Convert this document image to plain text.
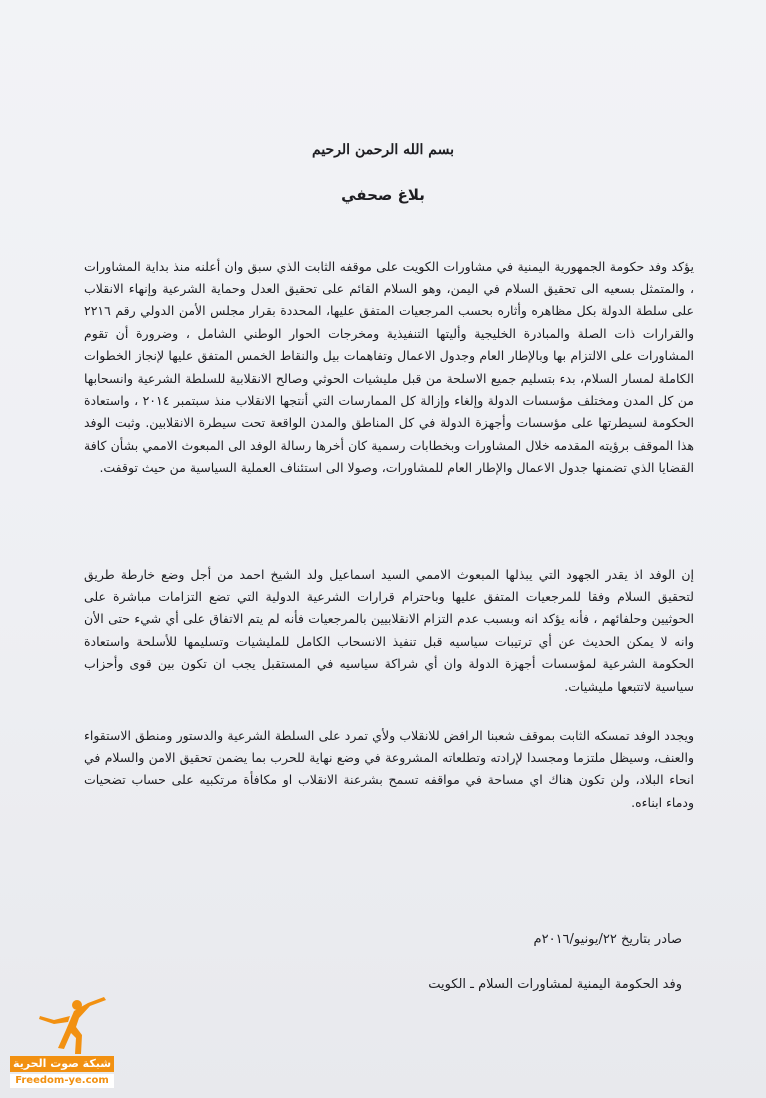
بسم الله الرحمن الرحيم
بلاغ صحفي

يؤكد وفد حكومة الجمهورية اليمنية في مشاورات الكويت على موقفه الثابت الذي سبق وان أعلنه منذ بداية المشاورات ، والمتمثل بسعيه الى تحقيق السلام في اليمن، وهو السلام القائم على تحقيق العدل وحماية الشرعية وإنهاء الانقلاب على سلطة الدولة بكل مظاهره وأثاره بحسب المرجعيات المتفق عليها، المحددة بقرار مجلس الأمن الدولي رقم ٢٢١٦ والقرارات ذات الصلة والمبادرة الخليجية وأليتها التنفيذية ومخرجات الحوار الوطني الشامل ، وضرورة أن تقوم المشاورات على الالتزام بها وبالإطار العام وجدول الاعمال وتفاهمات بيل والنقاط الخمس المتفق عليها لإنجاز الخطوات الكاملة لمسار السلام، بدء بتسليم جميع الاسلحة من قبل مليشيات الحوثي وصالح الانقلابية للسلطة الشرعية وانسحابها من كل المدن ومختلف مؤسسات الدولة وإلغاء وإزالة كل الممارسات التي أنتجها الانقلاب منذ سبتمبر ٢٠١٤ ، واستعادة الحكومة لسيطرتها على مؤسسات وأجهزة الدولة في كل المناطق والمدن الواقعة تحت سيطرة الانقلابين. وثبت الوفد هذا الموقف برؤيته المقدمه خلال المشاورات وبخطابات رسمية كان أخرها رسالة الوفد الى المبعوث الاممي بشأن كافة القضايا الذي تضمنها جدول الاعمال والإطار العام للمشاورات، وصولا الى استئناف العملية السياسية من حيث توقفت.

إن الوفد اذ يقدر الجهود التي يبذلها المبعوث الاممي السيد اسماعيل ولد الشيخ احمد من أجل وضع خارطة طريق لتحقيق السلام وفقا للمرجعيات المتفق عليها وباحترام قرارات الشرعية الدولية التي تضع التزامات مباشرة على الحوثيين وحلفائهم ، فأنه يؤكد انه وبسبب عدم التزام الانقلابيين بالمرجعيات فأنه لم يتم الاتفاق على أي شيء حتى الأن وانه لا يمكن الحديث عن أي ترتيبات سياسيه قبل تنفيذ الانسحاب الكامل للمليشيات وتسليمها للأسلحة واستعادة الحكومة الشرعية لمؤسسات أجهزة الدولة وان أي شراكة سياسيه في المستقبل يجب ان تكون بين قوى وأحزاب سياسية لاتتبعها مليشيات.

ويجدد الوفد تمسكه الثابت بموقف شعبنا الرافض للانقلاب ولأي تمرد على السلطة الشرعية والدستور ومنطق الاستقواء والعنف، وسيظل ملتزما ومجسدا لإرادته وتطلعاته المشروعة في وضع نهاية للحرب بما يضمن تحقيق الامن والسلام في انحاء البلاد، ولن تكون هناك اي مساحة في مواقفه تسمح بشرعنة الانقلاب او مكافأة مرتكبيه على حساب تضحيات ودماء ابناءه.

صادر بتاريخ ٢٢/يونيو/٢٠١٦م
وفد الحكومة اليمنية لمشاورات السلام ـ الكويت
شبكة صوت الحرية
Freedom-ye.com
